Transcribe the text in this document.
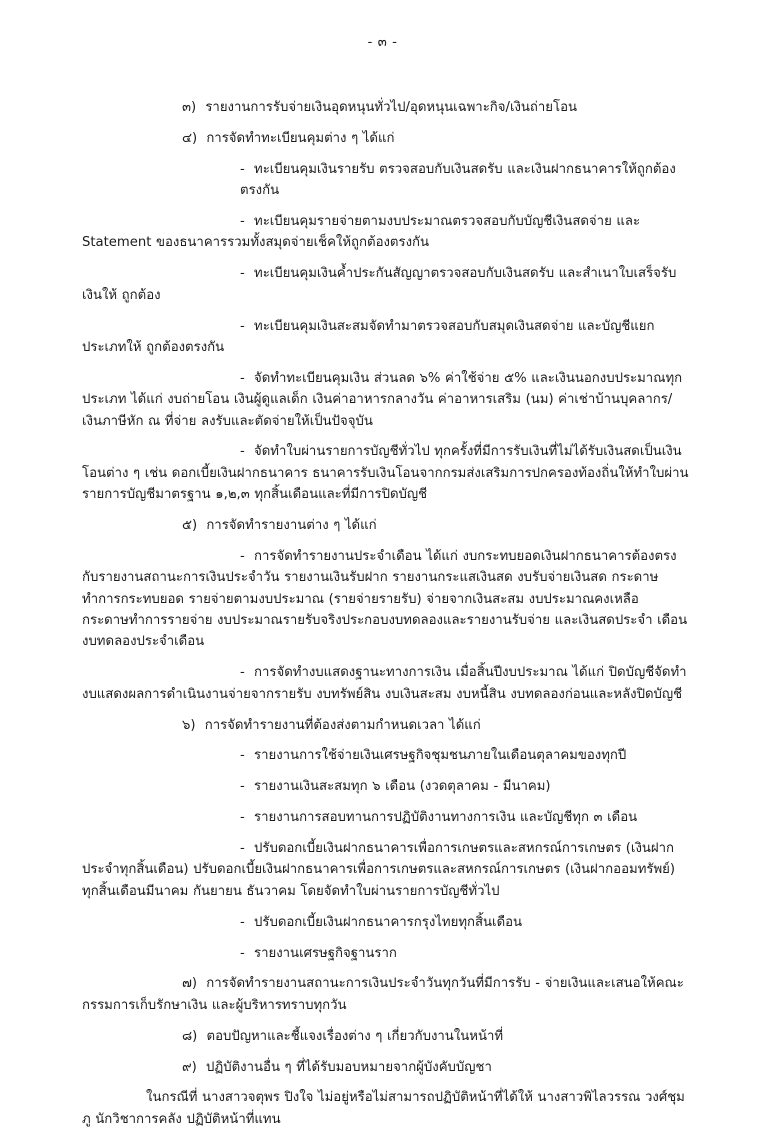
- ๓ -

๓)  รายงานการรับจ่ายเงินอุดหนุนทั่วไป/อุดหนุนเฉพาะกิจ/เงินถ่ายโอน

๔)  การจัดทำทะเบียนคุมต่าง ๆ ได้แก่

- ทะเบียนคุมเงินรายรับ ตรวจสอบกับเงินสดรับ และเงินฝากธนาคารให้ถูกต้องตรงกัน

- ทะเบียนคุมรายจ่ายตามงบประมาณตรวจสอบกับบัญชีเงินสดจ่าย และ Statement ของธนาคารรวมทั้งสมุดจ่ายเช็คให้ถูกต้องตรงกัน

- ทะเบียนคุมเงินค้ำประกันสัญญาตรวจสอบกับเงินสดรับ และสำเนาใบเสร็จรับเงินให้ ถูกต้อง

- ทะเบียนคุมเงินสะสมจัดทำมาตรวจสอบกับสมุดเงินสดจ่าย และบัญชีแยกประเภทให้ ถูกต้องตรงกัน

- จัดทำทะเบียนคุมเงิน ส่วนลด ๖% ค่าใช้จ่าย ๕% และเงินนอกงบประมาณทุกประเภท ได้แก่ งบถ่ายโอน เงินผู้ดูแลเด็ก เงินค่าอาหารกลางวัน ค่าอาหารเสริม (นม) ค่าเช่าบ้านบุคลากร/เงินภาษีหัก ณ ที่จ่าย ลงรับและตัดจ่ายให้เป็นปัจจุบัน

- จัดทำใบผ่านรายการบัญชีทั่วไป ทุกครั้งที่มีการรับเงินที่ไม่ได้รับเงินสดเป็นเงินโอนต่าง ๆ เช่น ดอกเบี้ยเงินฝากธนาคาร ธนาคารรับเงินโอนจากกรมส่งเสริมการปกครองท้องถิ่นให้ทำใบผ่านรายการบัญชีมาตรฐาน ๑,๒,๓ ทุกสิ้นเดือนและที่มีการปิดบัญชี

๕)  การจัดทำรายงานต่าง ๆ ได้แก่

- การจัดทำรายงานประจำเดือน ได้แก่ งบกระทบยอดเงินฝากธนาคารต้องตรงกับรายงานสถานะการเงินประจำวัน รายงานเงินรับฝาก รายงานกระแสเงินสด งบรับจ่ายเงินสด กระดาษทำการกระทบยอด รายจ่ายตามงบประมาณ (รายจ่ายรายรับ) จ่ายจากเงินสะสม งบประมาณคงเหลือ กระดาษทำการรายจ่าย งบประมาณรายรับจริงประกอบงบทดลองและรายงานรับจ่าย และเงินสดประจำ เดือน งบทดลองประจำเดือน

- การจัดทำงบแสดงฐานะทางการเงิน เมื่อสิ้นปีงบประมาณ ได้แก่ ปิดบัญชีจัดทำงบแสดงผลการดำเนินงานจ่ายจากรายรับ งบทรัพย์สิน งบเงินสะสม งบหนี้สิน งบทดลองก่อนและหลังปิดบัญชี

๖)  การจัดทำรายงานที่ต้องส่งตามกำหนดเวลา ได้แก่

- รายงานการใช้จ่ายเงินเศรษฐกิจชุมชนภายในเดือนตุลาคมของทุกปี

- รายงานเงินสะสมทุก ๖ เดือน (งวดตุลาคม - มีนาคม)

- รายงานการสอบทานการปฏิบัติงานทางการเงิน และบัญชีทุก ๓ เดือน

- ปรับดอกเบี้ยเงินฝากธนาคารเพื่อการเกษตรและสหกรณ์การเกษตร (เงินฝากประจำทุกสิ้นเดือน) ปรับดอกเบี้ยเงินฝากธนาคารเพื่อการเกษตรและสหกรณ์การเกษตร (เงินฝากออมทรัพย์) ทุกสิ้นเดือนมีนาคม กันยายน ธันวาคม โดยจัดทำใบผ่านรายการบัญชีทั่วไป

- ปรับดอกเบี้ยเงินฝากธนาคารกรุงไทยทุกสิ้นเดือน

- รายงานเศรษฐกิจฐานราก

๗)  การจัดทำรายงานสถานะการเงินประจำวันทุกวันที่มีการรับ - จ่ายเงินและเสนอให้คณะกรรมการเก็บรักษาเงิน และผู้บริหารทราบทุกวัน

๘)  ตอบปัญหาและชี้แจงเรื่องต่าง ๆ เกี่ยวกับงานในหน้าที่

๙)  ปฏิบัติงานอื่น ๆ ที่ได้รับมอบหมายจากผู้บังคับบัญชา

ในกรณีที่ นางสาวจตุพร ปิงใจ ไม่อยู่หรือไม่สามารถปฏิบัติหน้าที่ได้ให้ นางสาวพิไลวรรณ วงศ์ชุมภู นักวิชาการคลัง ปฏิบัติหน้าที่แทน
